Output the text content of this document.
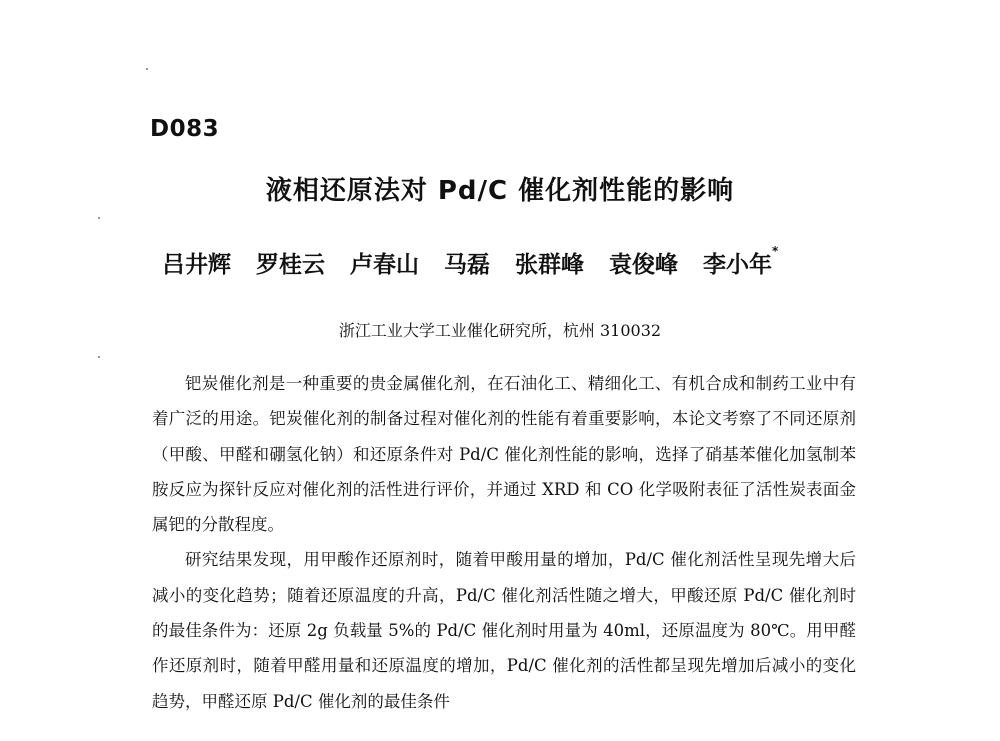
D083
液相还原法对 Pd/C 催化剂性能的影响
吕井辉 罗桂云 卢春山 马磊 张群峰 袁俊峰 李小年*
浙江工业大学工业催化研究所，杭州 310032

钯炭催化剂是一种重要的贵金属催化剂，在石油化工、精细化工、有机合成和制药工业中有着广泛的用途。钯炭催化剂的制备过程对催化剂的性能有着重要影响，本论文考察了不同还原剂（甲酸、甲醛和硼氢化钠）和还原条件对 Pd/C 催化剂性能的影响，选择了硝基苯催化加氢制苯胺反应为探针反应对催化剂的活性进行评价，并通过 XRD 和 CO 化学吸附表征了活性炭表面金属钯的分散程度。

研究结果发现，用甲酸作还原剂时，随着甲酸用量的增加，Pd/C 催化剂活性呈现先增大后减小的变化趋势；随着还原温度的升高，Pd/C 催化剂活性随之增大，甲酸还原 Pd/C 催化剂时的最佳条件为：还原 2g 负载量 5%的 Pd/C 催化剂时用量为 40ml，还原温度为 80℃。用甲醛作还原剂时，随着甲醛用量和还原温度的增加，Pd/C 催化剂的活性都呈现先增加后减小的变化趋势，甲醛还原 Pd/C 催化剂的最佳条件
